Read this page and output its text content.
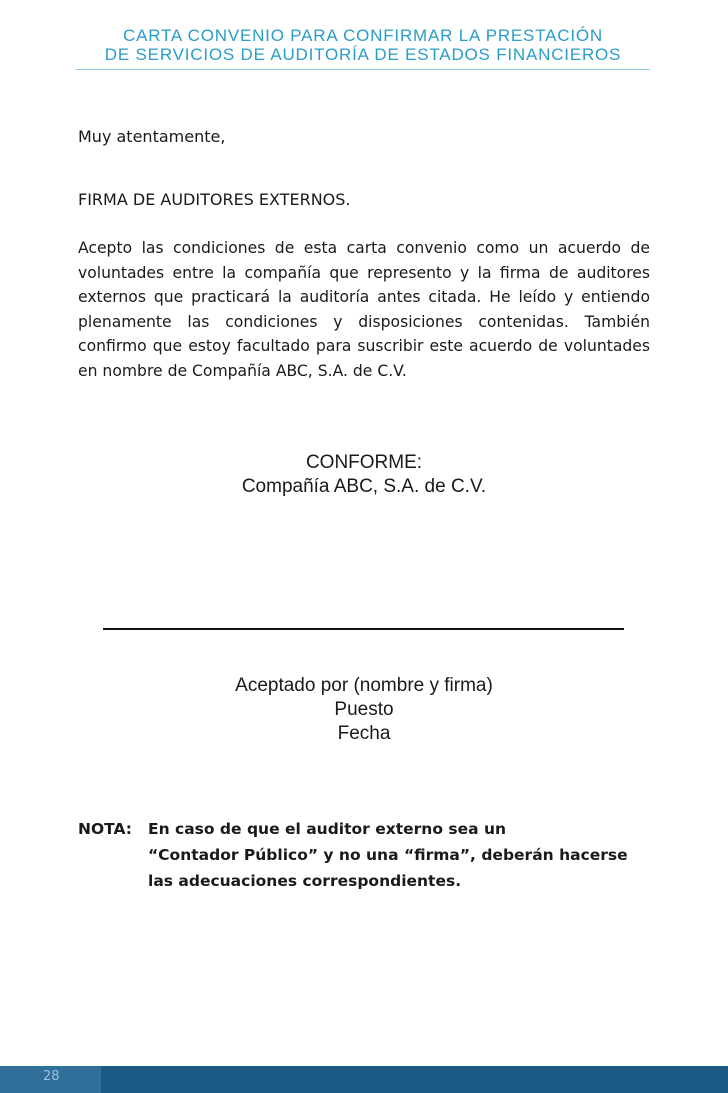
CARTA CONVENIO PARA CONFIRMAR LA PRESTACIÓN
DE SERVICIOS DE AUDITORÍA DE ESTADOS FINANCIEROS
Muy atentamente,
FIRMA DE AUDITORES EXTERNOS.
Acepto las condiciones de esta carta convenio como un acuerdo de voluntades entre la compañía que represento y la firma de auditores externos que practicará la auditoría antes citada. He leído y entiendo plenamente las condiciones y disposiciones contenidas. También confirmo que estoy facultado para suscribir este acuerdo de voluntades en nombre de Compañía ABC, S.A. de C.V.
CONFORME:
Compañía ABC, S.A. de C.V.
Aceptado por (nombre y firma)
Puesto
Fecha
NOTA: En caso de que el auditor externo sea un
“Contador Público” y no una “firma”, deberán hacerse
las adecuaciones correspondientes.
28
